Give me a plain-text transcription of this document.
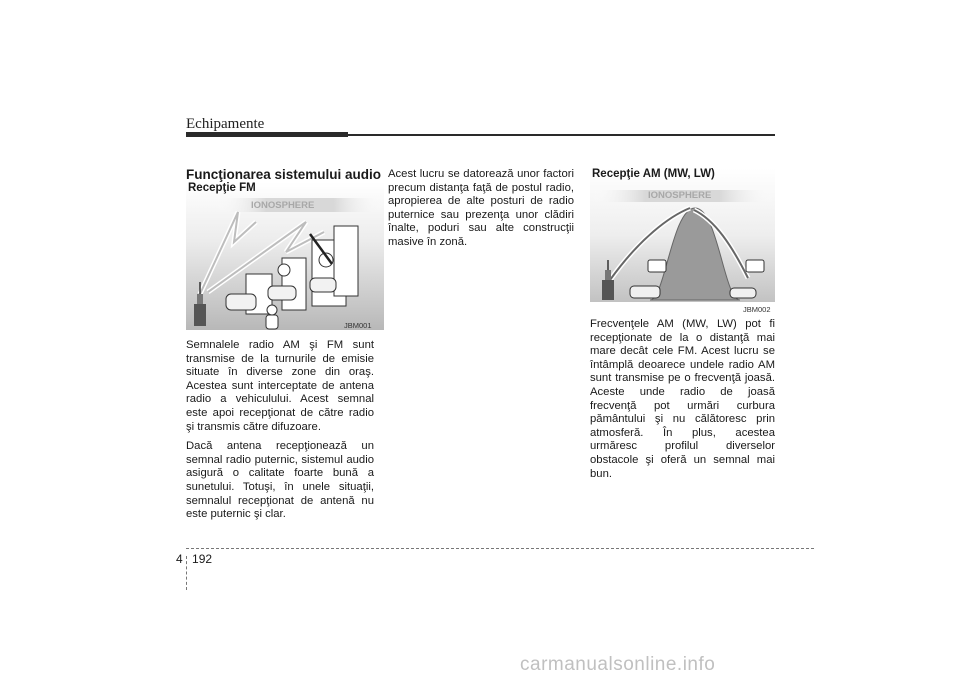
Echipamente
Funcţionarea sistemului audio
IONOSPHERE
Recepţie FM
JBM001
IONOSPHERE
Recepţie AM (MW, LW)
JBM002

Semnalele radio AM şi FM sunt transmise de la turnurile de emisie situate în diverse zone din oraş. Acestea sunt interceptate de antena radio a vehiculului. Acest semnal este apoi recepţionat de către radio şi transmis către difuzoare.

Dacă antena recepţionează un semnal radio puternic, sistemul audio asigură o calitate foarte bună a sunetului. Totuşi, în unele situaţii, semnalul recepţionat de antenă nu este puternic şi clar.

Acest lucru se datorează unor factori precum distanţa faţă de postul radio, apropierea de alte posturi de radio puternice sau prezenţa unor clădiri înalte, poduri sau alte construcţii masive în zonă.

Frecvenţele AM (MW, LW) pot fi recepţionate de la o distanţă mai mare decât cele FM. Acest lucru se întâmplă deoarece undele radio AM sunt transmise pe o frecvenţă joasă. Aceste unde radio de joasă frecvenţă pot urmări curbura pământului şi nu călătoresc prin atmosferă. În plus, acestea urmăresc profilul diverselor obstacole şi oferă un semnal mai bun.

4 192
carmanualsonline.info
